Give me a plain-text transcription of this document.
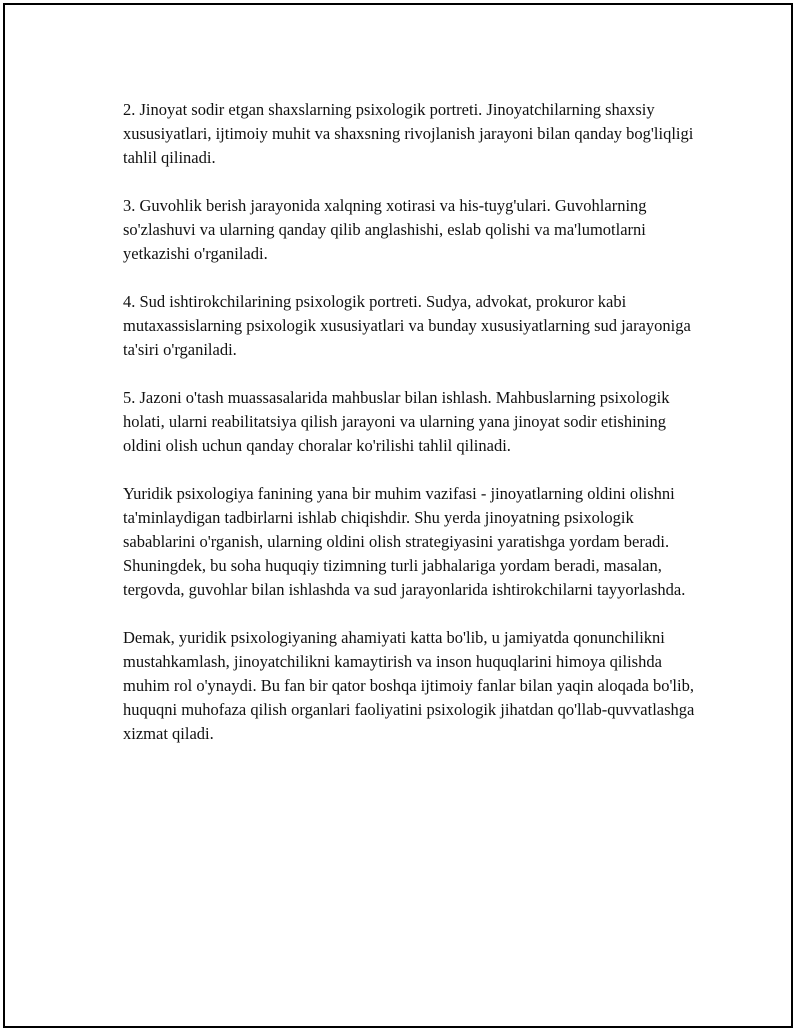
2. Jinoyat sodir etgan shaxslarning psixologik portreti. Jinoyatchilarning shaxsiy xususiyatlari, ijtimoiy muhit va shaxsning rivojlanish jarayoni bilan qanday bog'liqligi tahlil qilinadi.

3. Guvohlik berish jarayonida xalqning xotirasi va his-tuyg'ulari. Guvohlarning so'zlashuvi va ularning qanday qilib anglashishi, eslab qolishi va ma'lumotlarni yetkazishi o'rganiladi.

4. Sud ishtirokchilarining psixologik portreti. Sudya, advokat, prokuror kabi mutaxassislarning psixologik xususiyatlari va bunday xususiyatlarning sud jarayoniga ta'siri o'rganiladi.

5. Jazoni o'tash muassasalarida mahbuslar bilan ishlash. Mahbuslarning psixologik holati, ularni reabilitatsiya qilish jarayoni va ularning yana jinoyat sodir etishining oldini olish uchun qanday choralar ko'rilishi tahlil qilinadi.

Yuridik psixologiya fanining yana bir muhim vazifasi - jinoyatlarning oldini olishni ta'minlaydigan tadbirlarni ishlab chiqishdir. Shu yerda jinoyatning psixologik sabablarini o'rganish, ularning oldini olish strategiyasini yaratishga yordam beradi. Shuningdek, bu soha huquqiy tizimning turli jabhalariga yordam beradi, masalan, tergovda, guvohlar bilan ishlashda va sud jarayonlarida ishtirokchilarni tayyorlashda.

Demak, yuridik psixologiyaning ahamiyati katta bo'lib, u jamiyatda qonunchilikni mustahkamlash, jinoyatchilikni kamaytirish va inson huquqlarini himoya qilishda muhim rol o'ynaydi. Bu fan bir qator boshqa ijtimoiy fanlar bilan yaqin aloqada bo'lib, huquqni muhofaza qilish organlari faoliyatini psixologik jihatdan qo'llab-quvvatlashga xizmat qiladi.
